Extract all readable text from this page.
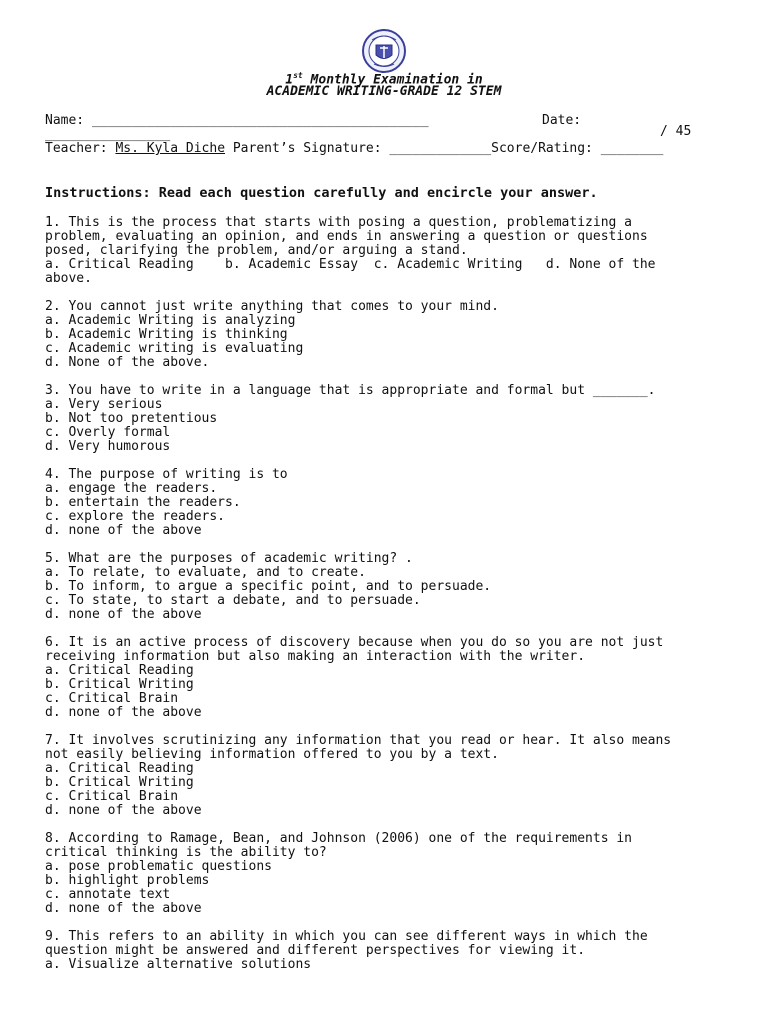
1st Monthly Examination in
ACADEMIC WRITING-GRADE 12 STEM
Name: ___________________________________________	Date:
________________	/ 45
Teacher: Ms. Kyla Diche Parent’s Signature: _____________Score/Rating: ________
Instructions: Read each question carefully and encircle your answer.
1. This is the process that starts with posing a question, problematizing a
problem, evaluating an opinion, and ends in answering a question or questions
posed, clarifying the problem, and/or arguing a stand.
a. Critical Reading    b. Academic Essay  c. Academic Writing   d. None of the
above.
2. You cannot just write anything that comes to your mind.
a. Academic Writing is analyzing
b. Academic Writing is thinking
c. Academic writing is evaluating
d. None of the above.
3. You have to write in a language that is appropriate and formal but _______.
a. Very serious
b. Not too pretentious
c. Overly formal
d. Very humorous
4. The purpose of writing is to
a. engage the readers.
b. entertain the readers.
c. explore the readers.
d. none of the above
5. What are the purposes of academic writing? .
a. To relate, to evaluate, and to create.
b. To inform, to argue a specific point, and to persuade.
c. To state, to start a debate, and to persuade.
d. none of the above
6. It is an active process of discovery because when you do so you are not just
receiving information but also making an interaction with the writer.
a. Critical Reading
b. Critical Writing
c. Critical Brain
d. none of the above
7. It involves scrutinizing any information that you read or hear. It also means
not easily believing information offered to you by a text.
a. Critical Reading
b. Critical Writing
c. Critical Brain
d. none of the above
8. According to Ramage, Bean, and Johnson (2006) one of the requirements in
critical thinking is the ability to?
a. pose problematic questions
b. highlight problems
c. annotate text
d. none of the above
9. This refers to an ability in which you can see different ways in which the
question might be answered and different perspectives for viewing it.
a. Visualize alternative solutions
